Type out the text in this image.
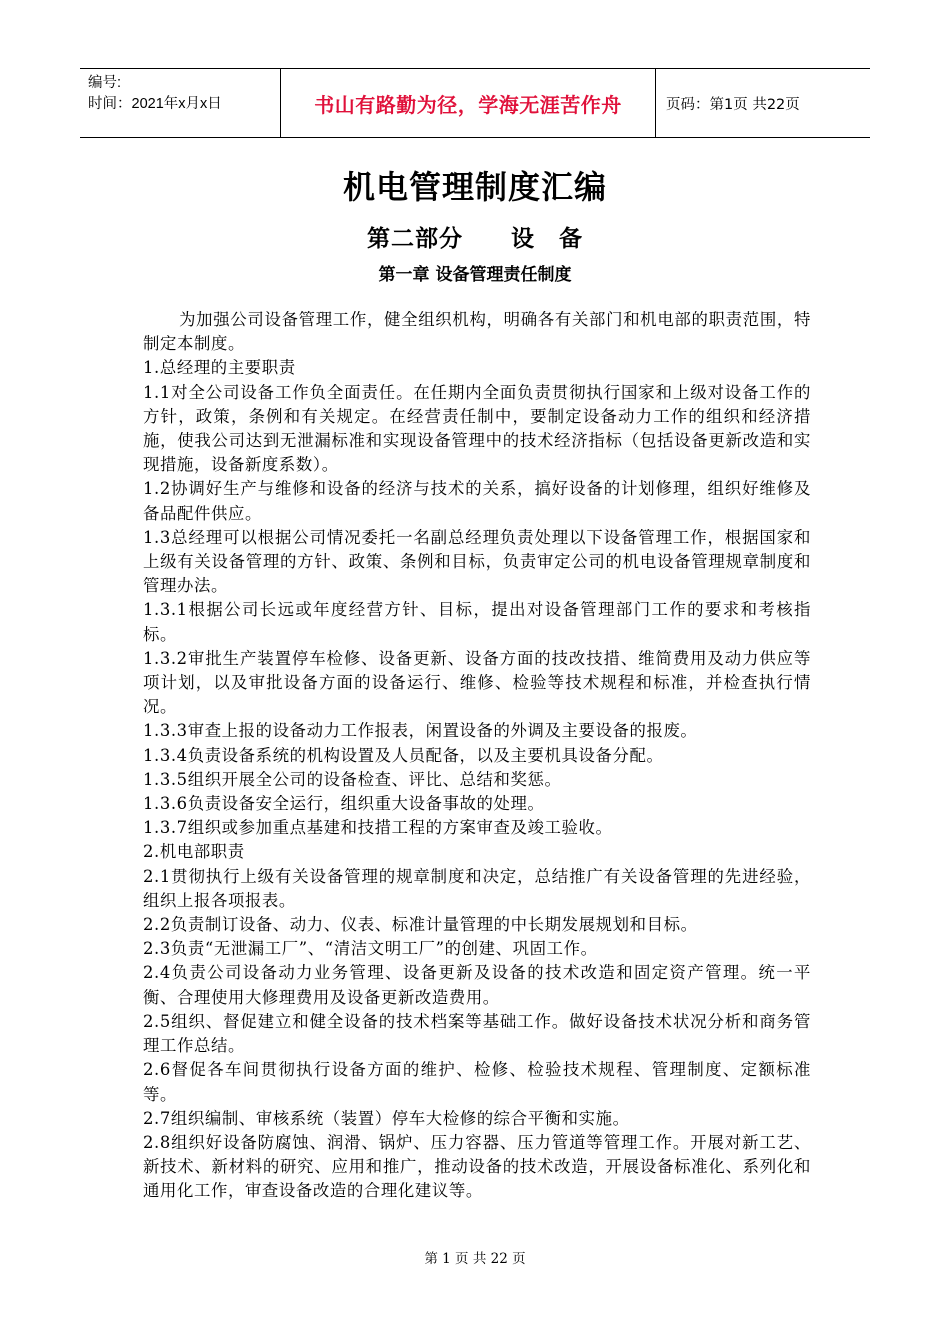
编号:
时间：2021年x月x日	书山有路勤为径，学海无涯苦作舟	页码：第1页 共22页
机电管理制度汇编
第二部分　　设　备
第一章 设备管理责任制度

为加强公司设备管理工作，健全组织机构，明确各有关部门和机电部的职责范围，特制定本制度。

1.总经理的主要职责

1.1对全公司设备工作负全面责任。在任期内全面负责贯彻执行国家和上级对设备工作的方针，政策，条例和有关规定。在经营责任制中，要制定设备动力工作的组织和经济措施，使我公司达到无泄漏标准和实现设备管理中的技术经济指标（包括设备更新改造和实现措施，设备新度系数）。

1.2协调好生产与维修和设备的经济与技术的关系，搞好设备的计划修理，组织好维修及备品配件供应。

1.3总经理可以根据公司情况委托一名副总经理负责处理以下设备管理工作，根据国家和上级有关设备管理的方针、政策、条例和目标，负责审定公司的机电设备管理规章制度和管理办法。

1.3.1根据公司长远或年度经营方针、目标，提出对设备管理部门工作的要求和考核指标。

1.3.2审批生产装置停车检修、设备更新、设备方面的技改技措、维简费用及动力供应等项计划，以及审批设备方面的设备运行、维修、检验等技术规程和标准，并检查执行情况。

1.3.3审查上报的设备动力工作报表，闲置设备的外调及主要设备的报废。

1.3.4负责设备系统的机构设置及人员配备，以及主要机具设备分配。

1.3.5组织开展全公司的设备检查、评比、总结和奖惩。

1.3.6负责设备安全运行，组织重大设备事故的处理。

1.3.7组织或参加重点基建和技措工程的方案审查及竣工验收。

2.机电部职责

2.1贯彻执行上级有关设备管理的规章制度和决定，总结推广有关设备管理的先进经验，组织上报各项报表。

2.2负责制订设备、动力、仪表、标准计量管理的中长期发展规划和目标。

2.3负责“无泄漏工厂”、“清洁文明工厂”的创建、巩固工作。

2.4负责公司设备动力业务管理、设备更新及设备的技术改造和固定资产管理。统一平衡、合理使用大修理费用及设备更新改造费用。

2.5组织、督促建立和健全设备的技术档案等基础工作。做好设备技术状况分析和商务管理工作总结。

2.6督促各车间贯彻执行设备方面的维护、检修、检验技术规程、管理制度、定额标准等。

2.7组织编制、审核系统（装置）停车大检修的综合平衡和实施。

2.8组织好设备防腐蚀、润滑、锅炉、压力容器、压力管道等管理工作。开展对新工艺、新技术、新材料的研究、应用和推广，推动设备的技术改造，开展设备标准化、系列化和通用化工作，审查设备改造的合理化建议等。

第 1 页 共 22 页
